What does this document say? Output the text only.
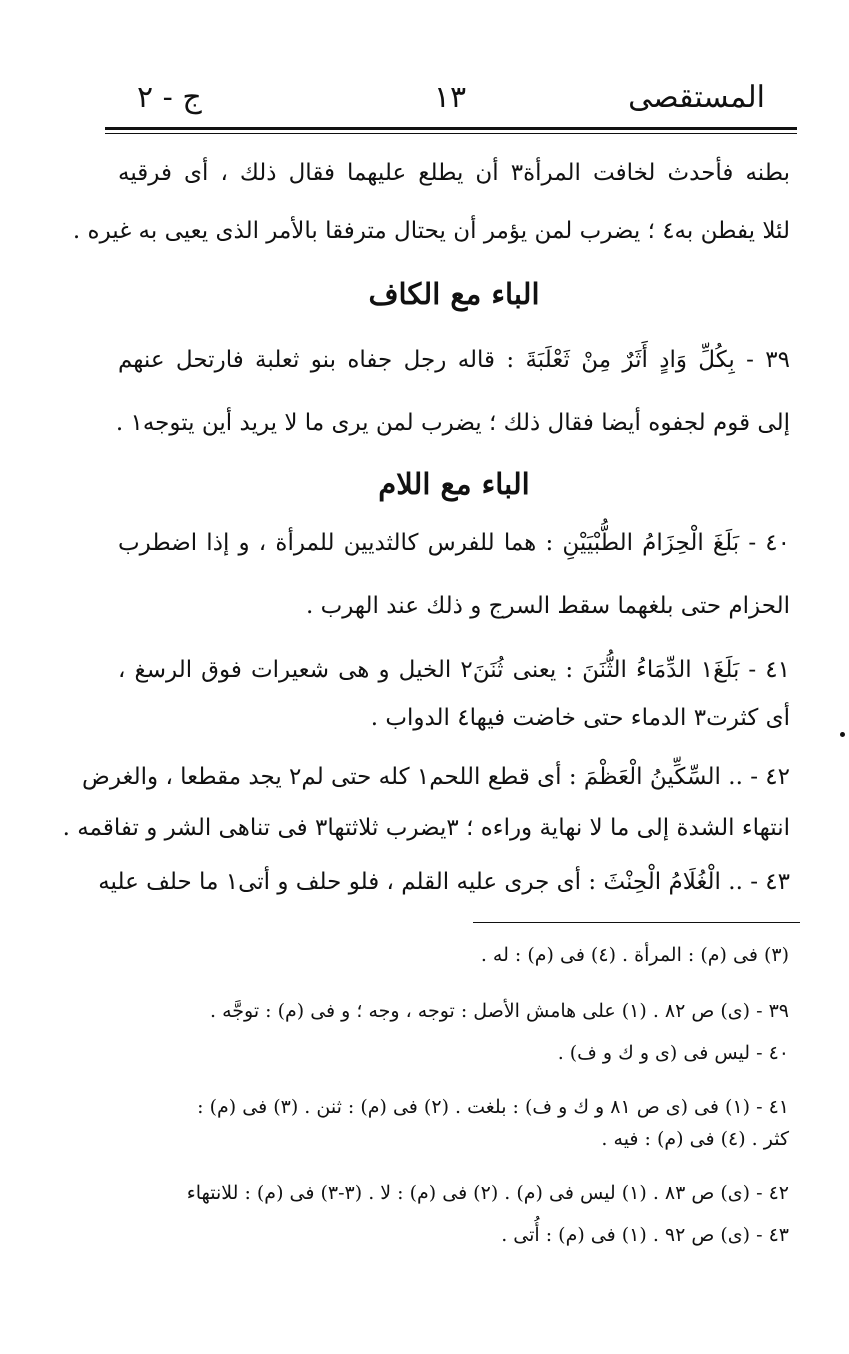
المستقصى
١٣
ج - ٢
بطنه فأحدث لخافت المرأة٣ أن يطلع عليهما فقال ذلك ، أى فرقيه
لئلا يفطن به٤ ؛ يضرب لمن يؤمر أن يحتال مترفقا بالأمر الذى يعيى به غيره .
الباء مع الكاف
٣٩ - بِكُلِّ وَادٍ أَثَرٌ مِنْ ثَعْلَبَةَ : قاله رجل جفاه بنو ثعلبة فارتحل عنهم
إلى قوم لجفوه أيضا فقال ذلك ؛ يضرب لمن يرى ما لا يريد أين يتوجه١ .
الباء مع اللام
٤٠ - بَلَغَ الْحِزَامُ الطُّبْيَيْنِ : هما للفرس كالثديين للمرأة ، و إذا اضطرب
الحزام حتى بلغهما سقط السرج و ذلك عند الهرب .
٤١ - بَلَغَ١ الدِّمَاءُ الثُّنَنَ : يعنى ثُنَنَ٢ الخيل و هى شعيرات فوق الرسغ ،
أى كثرت٣ الدماء حتى خاضت فيها٤ الدواب .
٤٢ - .. السِّكِّينُ الْعَظْمَ : أى قطع اللحم١ كله حتى لم٢ يجد مقطعا ، والغرض
انتهاء الشدة إلى ما لا نهاية وراءه ؛ ٣يضرب ثلاثتها٣ فى تناهى الشر و تفاقمه .
٤٣ - .. الْغُلَامُ الْحِنْثَ : أى جرى عليه القلم ، فلو حلف و أتى١ ما حلف عليه
(٣) فى (م) : المرأة . (٤) فى (م) : له .
٣٩ - (ى) ص ٨٢ . (١) على هامش الأصل : توجه ، وجه ؛ و فى (م) : توجَّه .
٤٠ - ليس فى (ى و ك و ف) .
٤١ - (١) فى (ى ص ٨١ و ك و ف) : بلغت . (٢) فى (م) : ثنن . (٣) فى (م) :
كثر . (٤) فى (م) : فيه .
٤٢ - (ى) ص ٨٣ . (١) ليس فى (م) . (٢) فى (م) : لا . (٣-٣) فى (م) : للانتهاء
٤٣ - (ى) ص ٩٢ . (١) فى (م) : أُتى .
